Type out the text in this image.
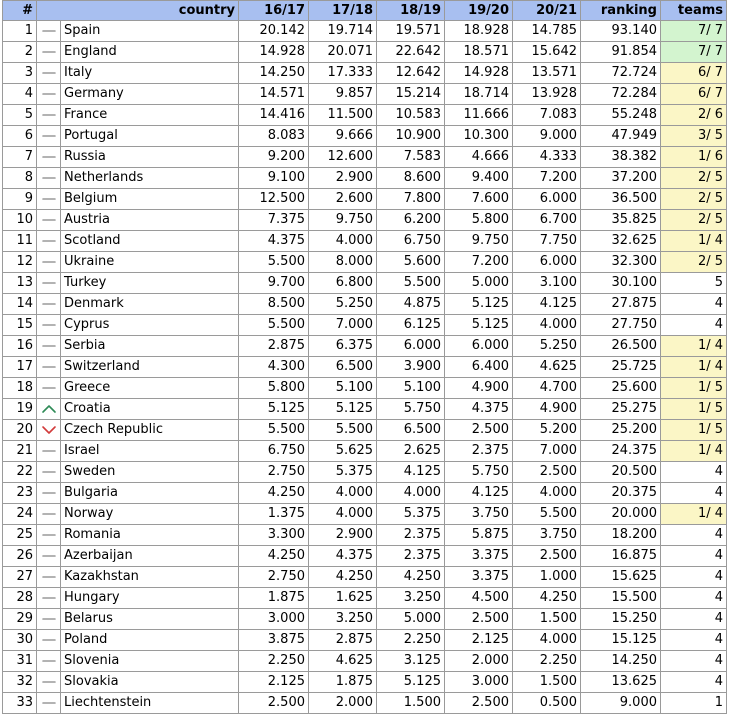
#	country		16/17	17/18	18/19	19/20	20/21	ranking	teams
1		Spain	20.142	19.714	19.571	18.928	14.785	93.140	7/ 7
2		England	14.928	20.071	22.642	18.571	15.642	91.854	7/ 7
3		Italy	14.250	17.333	12.642	14.928	13.571	72.724	6/ 7
4		Germany	14.571	9.857	15.214	18.714	13.928	72.284	6/ 7
5		France	14.416	11.500	10.583	11.666	7.083	55.248	2/ 6
6		Portugal	8.083	9.666	10.900	10.300	9.000	47.949	3/ 5
7		Russia	9.200	12.600	7.583	4.666	4.333	38.382	1/ 6
8		Netherlands	9.100	2.900	8.600	9.400	7.200	37.200	2/ 5
9		Belgium	12.500	2.600	7.800	7.600	6.000	36.500	2/ 5
10		Austria	7.375	9.750	6.200	5.800	6.700	35.825	2/ 5
11		Scotland	4.375	4.000	6.750	9.750	7.750	32.625	1/ 4
12		Ukraine	5.500	8.000	5.600	7.200	6.000	32.300	2/ 5
13		Turkey	9.700	6.800	5.500	5.000	3.100	30.100	5
14		Denmark	8.500	5.250	4.875	5.125	4.125	27.875	4
15		Cyprus	5.500	7.000	6.125	5.125	4.000	27.750	4
16		Serbia	2.875	6.375	6.000	6.000	5.250	26.500	1/ 4
17		Switzerland	4.300	6.500	3.900	6.400	4.625	25.725	1/ 4
18		Greece	5.800	5.100	5.100	4.900	4.700	25.600	1/ 5
19		Croatia	5.125	5.125	5.750	4.375	4.900	25.275	1/ 5
20		Czech Republic	5.500	5.500	6.500	2.500	5.200	25.200	1/ 5
21		Israel	6.750	5.625	2.625	2.375	7.000	24.375	1/ 4
22		Sweden	2.750	5.375	4.125	5.750	2.500	20.500	4
23		Bulgaria	4.250	4.000	4.000	4.125	4.000	20.375	4
24		Norway	1.375	4.000	5.375	3.750	5.500	20.000	1/ 4
25		Romania	3.300	2.900	2.375	5.875	3.750	18.200	4
26		Azerbaijan	4.250	4.375	2.375	3.375	2.500	16.875	4
27		Kazakhstan	2.750	4.250	4.250	3.375	1.000	15.625	4
28		Hungary	1.875	1.625	3.250	4.500	4.250	15.500	4
29		Belarus	3.000	3.250	5.000	2.500	1.500	15.250	4
30		Poland	3.875	2.875	2.250	2.125	4.000	15.125	4
31		Slovenia	2.250	4.625	3.125	2.000	2.250	14.250	4
32		Slovakia	2.125	1.875	5.125	3.000	1.500	13.625	4
33		Liechtenstein	2.500	2.000	1.500	2.500	0.500	9.000	1
